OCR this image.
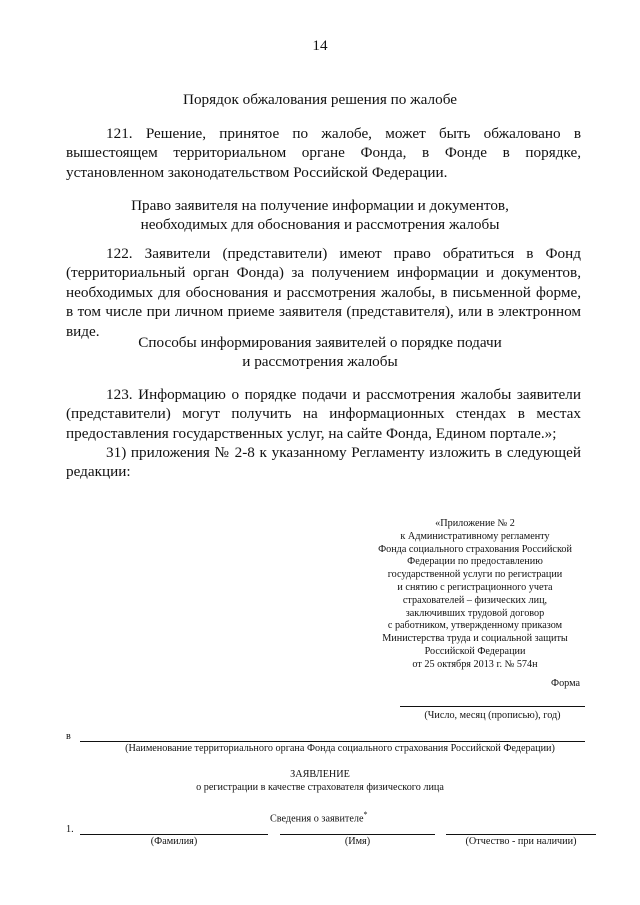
14
Порядок обжалования решения по жалобе
121. Решение, принятое по жалобе, может быть обжаловано в вышестоящем территориальном органе Фонда, в Фонде в порядке, установленном законодательством Российской Федерации.
Право заявителя на получение информации и документов,
необходимых для обоснования и рассмотрения жалобы
122. Заявители (представители) имеют право обратиться в Фонд (территориальный орган Фонда) за получением информации и документов, необходимых для обоснования и рассмотрения жалобы, в письменной форме, в том числе при личном приеме заявителя (представителя), или в электронном виде.
Способы информирования заявителей о порядке подачи
и рассмотрения жалобы
123. Информацию о порядке подачи и рассмотрения жалобы заявители (представители) могут получить на информационных стендах в местах предоставления государственных услуг, на сайте Фонда, Едином портале.»;
31) приложения № 2-8 к указанному Регламенту изложить в следующей редакции:
«Приложение № 2
к Административному регламенту
Фонда социального страхования Российской
Федерации по предоставлению
государственной услуги по регистрации
и снятию с регистрационного учета
страхователей – физических лиц,
заключивших трудовой договор
с работником, утвержденному приказом
Министерства труда и социальной защиты
Российской Федерации
от 25 октября 2013 г. № 574н
Форма
(Число, месяц (прописью), год)
в
(Наименование территориального органа Фонда социального страхования Российской Федерации)
ЗАЯВЛЕНИЕ
о регистрации в качестве страхователя физического лица
Сведения о заявителе*
1.
(Фамилия)	(Имя)	(Отчество - при наличии)
